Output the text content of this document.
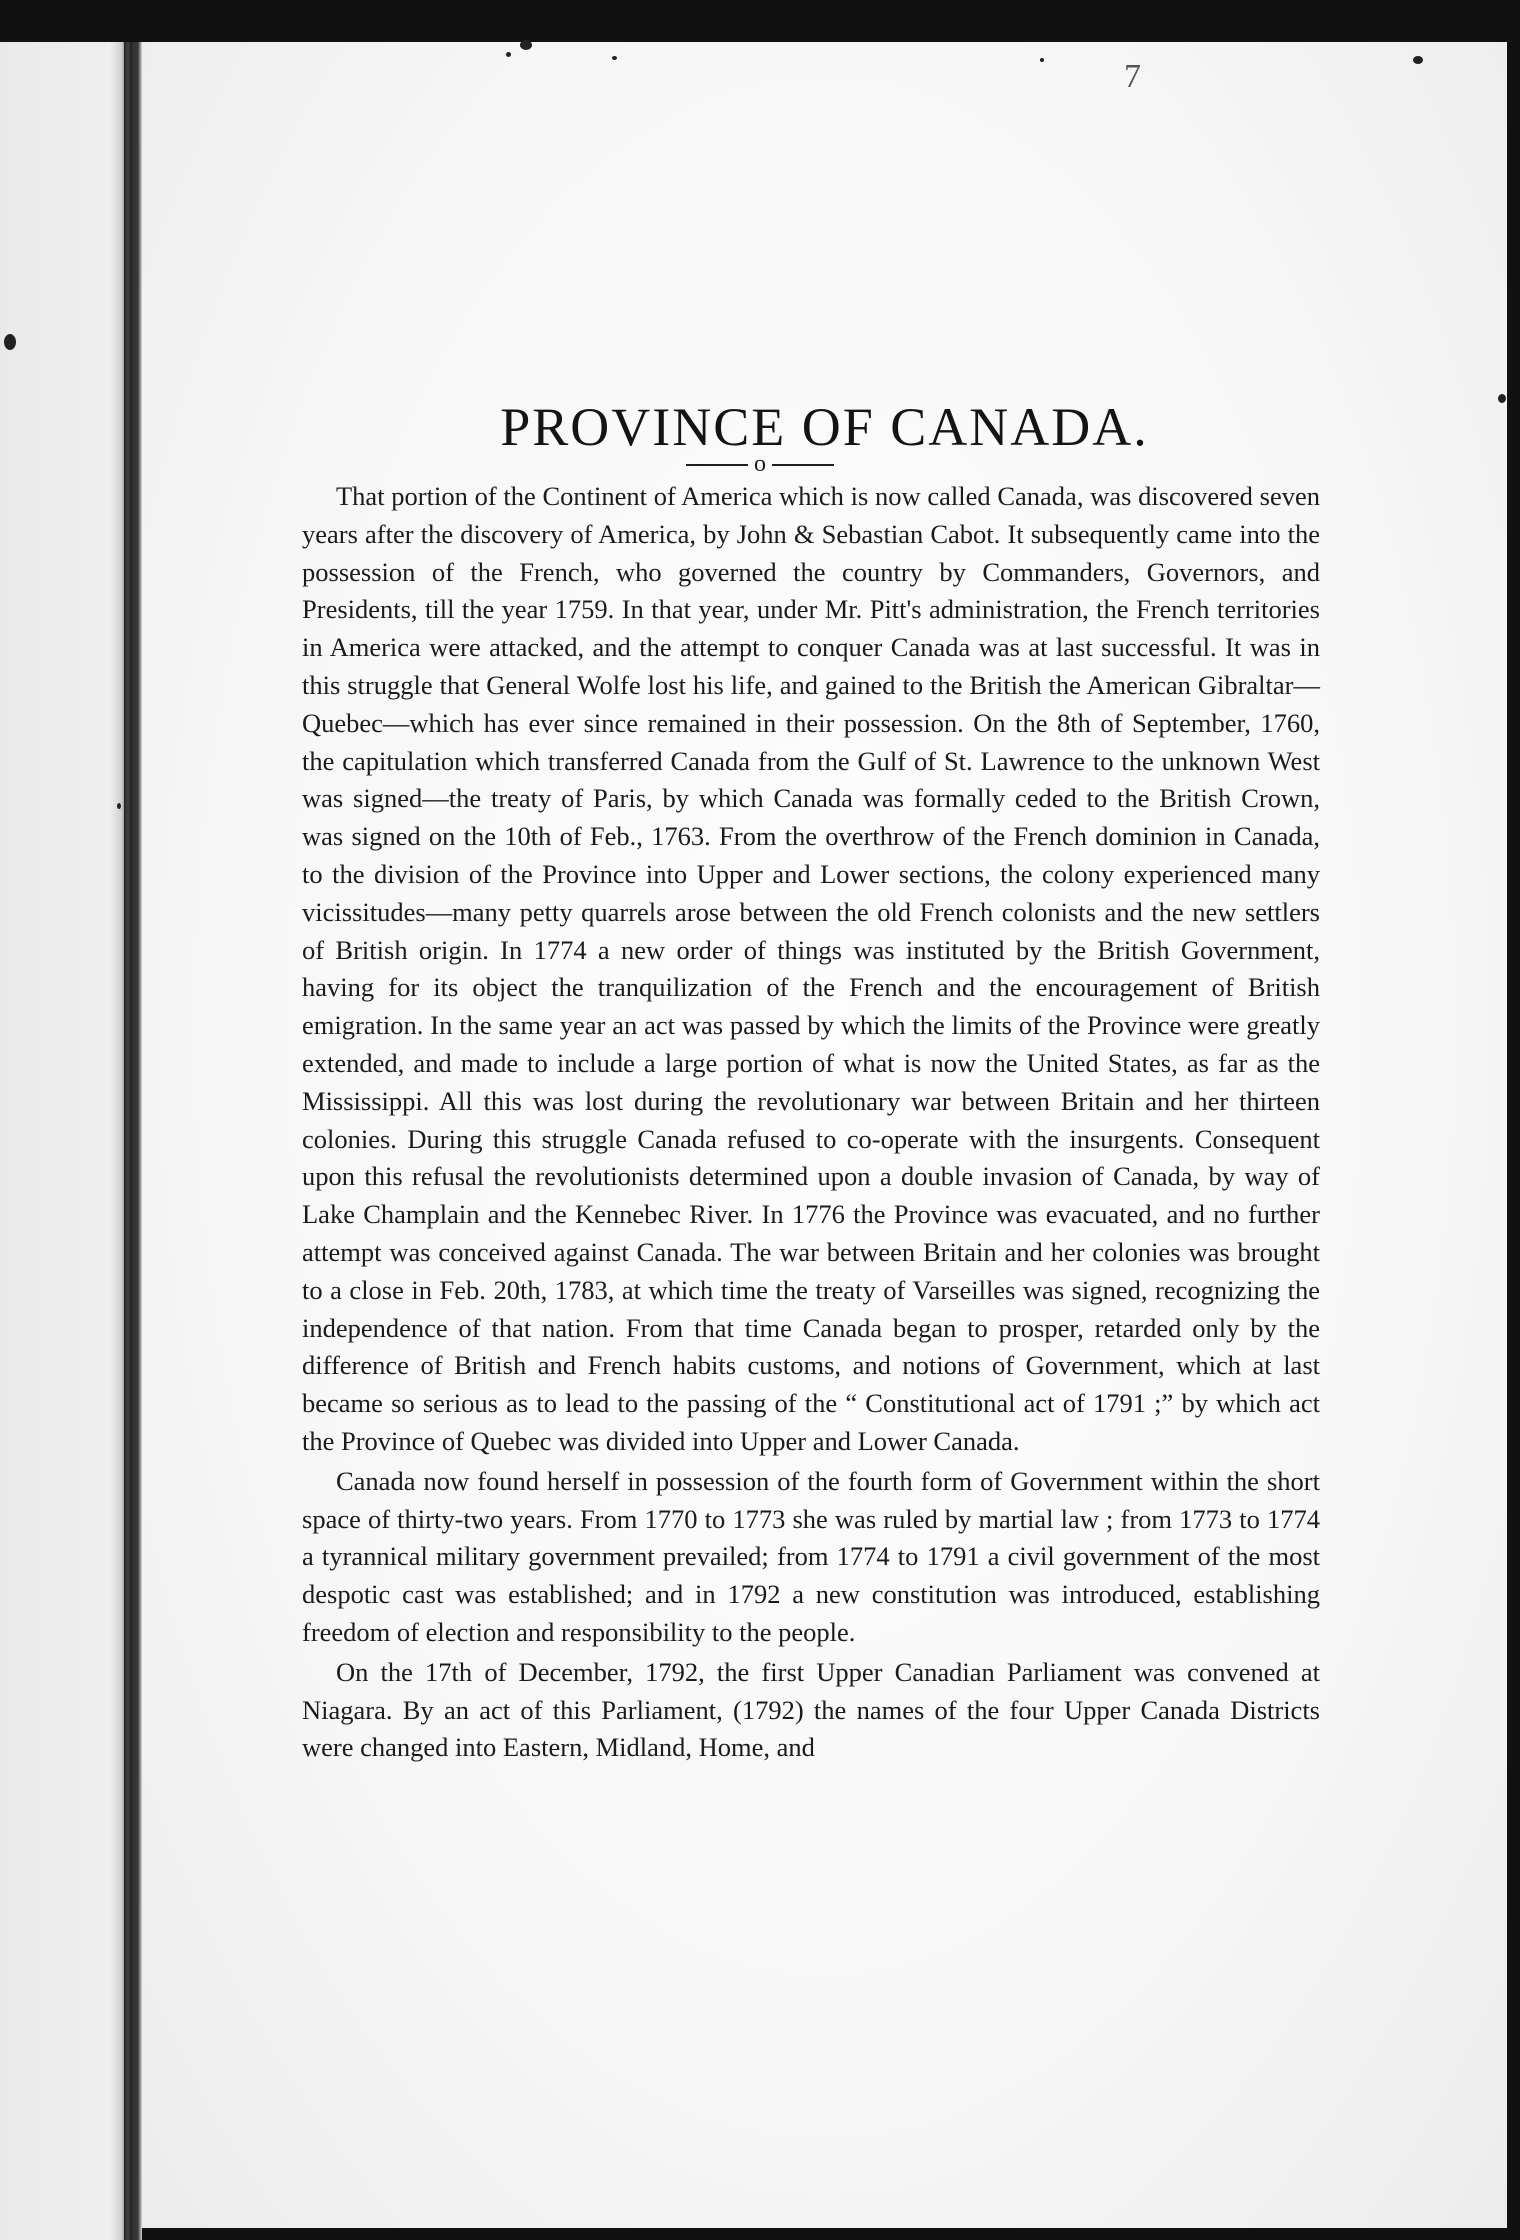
7
PROVINCE OF CANADA.
o

That portion of the Continent of America which is now called Canada, was discovered seven years after the discovery of America, by John & Sebastian Cabot. It subsequently came into the possession of the French, who governed the country by Commanders, Governors, and Presidents, till the year 1759. In that year, under Mr. Pitt's administration, the French territories in America were attacked, and the attempt to conquer Canada was at last successful. It was in this struggle that General Wolfe lost his life, and gained to the British the American Gibraltar—Quebec—which has ever since remained in their possession. On the 8th of September, 1760, the capitulation which transferred Canada from the Gulf of St. Lawrence to the unknown West was signed—the treaty of Paris, by which Canada was formally ceded to the British Crown, was signed on the 10th of Feb., 1763. From the overthrow of the French dominion in Canada, to the division of the Province into Upper and Lower sections, the colony experienced many vicissitudes—many petty quarrels arose between the old French colonists and the new settlers of British origin. In 1774 a new order of things was instituted by the British Government, having for its object the tranquilization of the French and the encouragement of British emigration. In the same year an act was passed by which the limits of the Province were greatly extended, and made to include a large portion of what is now the United States, as far as the Mississippi. All this was lost during the revolutionary war between Britain and her thirteen colonies. During this struggle Canada refused to co-operate with the insurgents. Consequent upon this refusal the revolutionists determined upon a double invasion of Canada, by way of Lake Champlain and the Kennebec River. In 1776 the Province was evacuated, and no further attempt was conceived against Canada. The war between Britain and her colonies was brought to a close in Feb. 20th, 1783, at which time the treaty of Varseilles was signed, recognizing the independence of that nation. From that time Canada began to prosper, retarded only by the difference of British and French habits customs, and notions of Government, which at last became so serious as to lead to the passing of the “ Constitutional act of 1791 ;” by which act the Province of Quebec was divided into Upper and Lower Canada.

Canada now found herself in possession of the fourth form of Government within the short space of thirty-two years. From 1770 to 1773 she was ruled by martial law ; from 1773 to 1774 a tyrannical military government prevailed; from 1774 to 1791 a civil government of the most despotic cast was established; and in 1792 a new constitution was introduced, establishing freedom of election and responsibility to the people.

On the 17th of December, 1792, the first Upper Canadian Parliament was convened at Niagara. By an act of this Parliament, (1792) the names of the four Upper Canada Districts were changed into Eastern, Midland, Home, and
